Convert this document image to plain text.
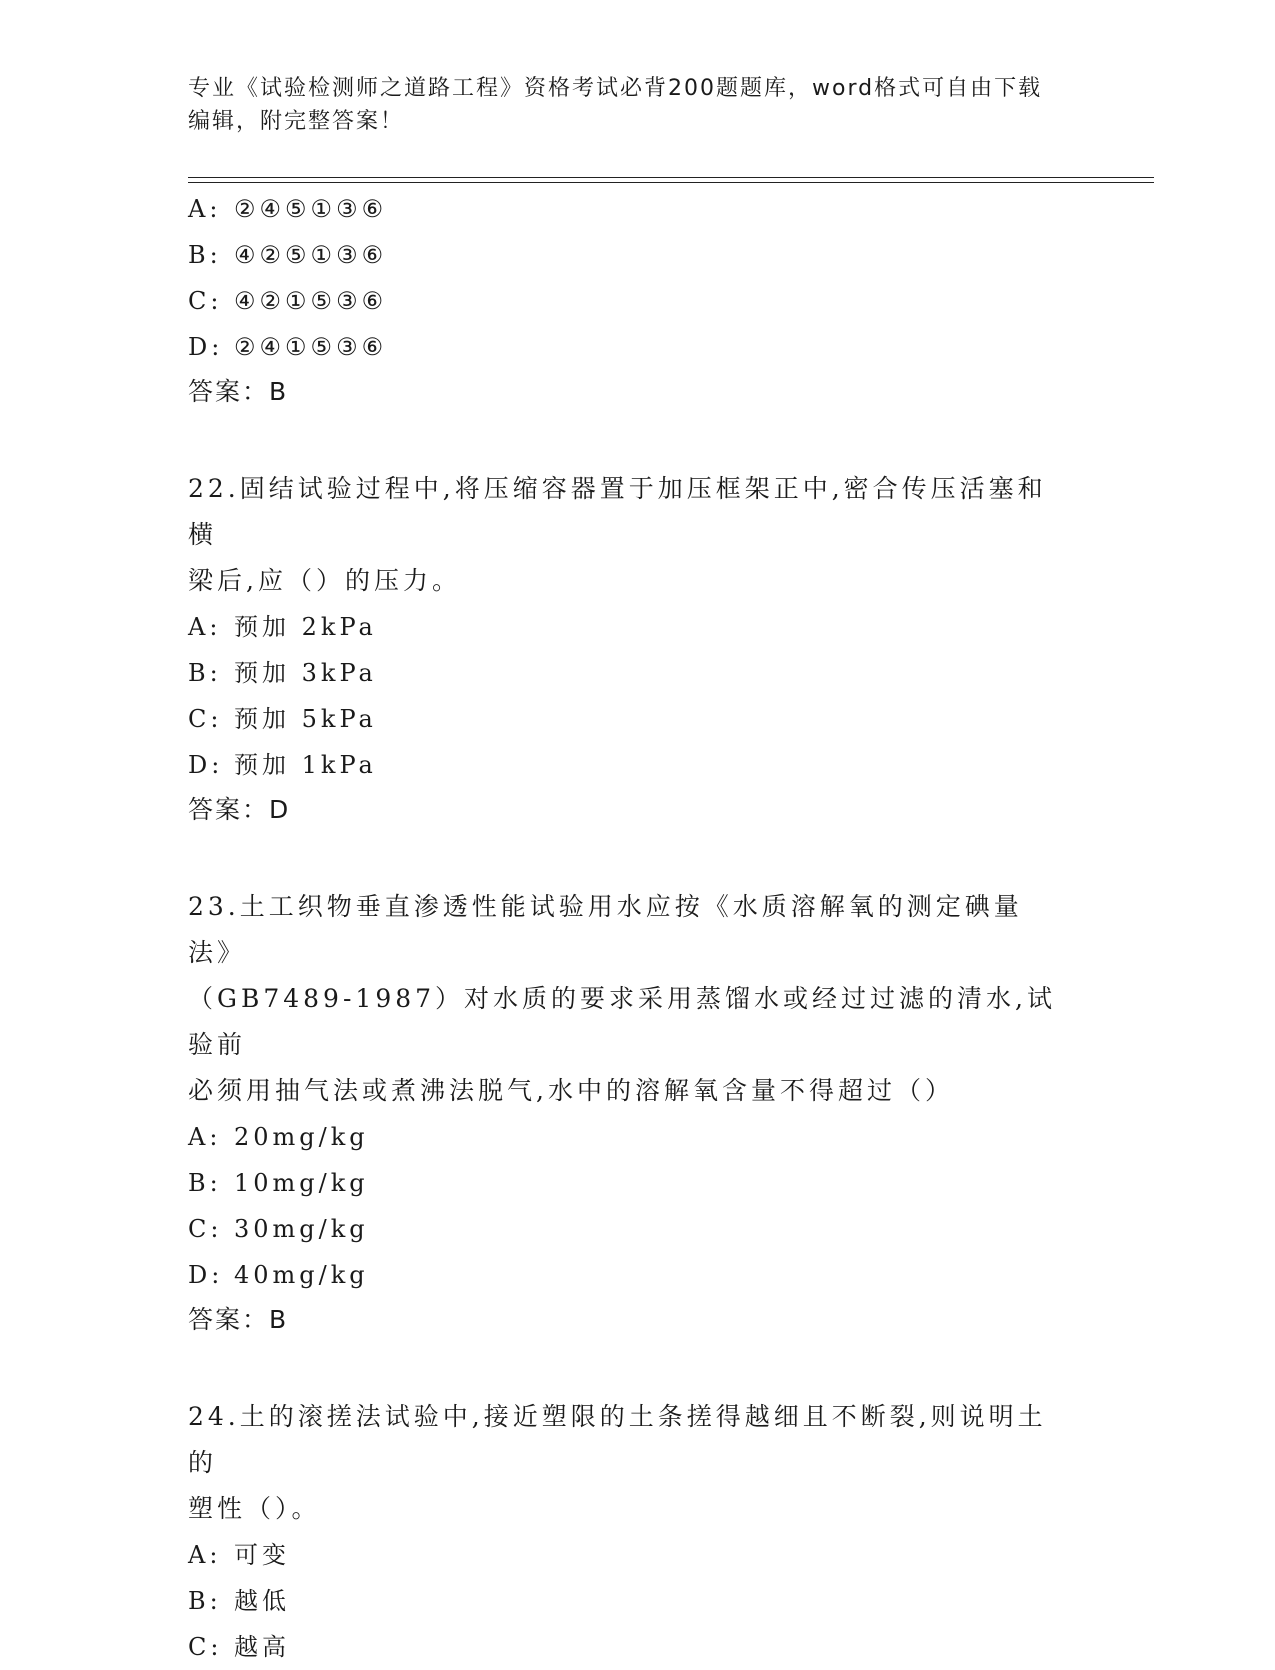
专业《试验检测师之道路工程》资格考试必背200题题库，word格式可自由下载
编辑，附完整答案！
A: ②④⑤①③⑥
B: ④②⑤①③⑥
C: ④②①⑤③⑥
D: ②④①⑤③⑥
答案：B
22.固结试验过程中,将压缩容器置于加压框架正中,密合传压活塞和横
梁后,应（）的压力。
A: 预加 2kPa
B: 预加 3kPa
C: 预加 5kPa
D: 预加 1kPa
答案：D
23.土工织物垂直渗透性能试验用水应按《水质溶解氧的测定碘量法》
（GB7489-1987）对水质的要求采用蒸馏水或经过过滤的清水,试验前
必须用抽气法或煮沸法脱气,水中的溶解氧含量不得超过（）
A: 20mg/kg
B: 10mg/kg
C: 30mg/kg
D: 40mg/kg
答案：B
24.土的滚搓法试验中,接近塑限的土条搓得越细且不断裂,则说明土的
塑性（）。
A: 可变
B: 越低
C: 越高
